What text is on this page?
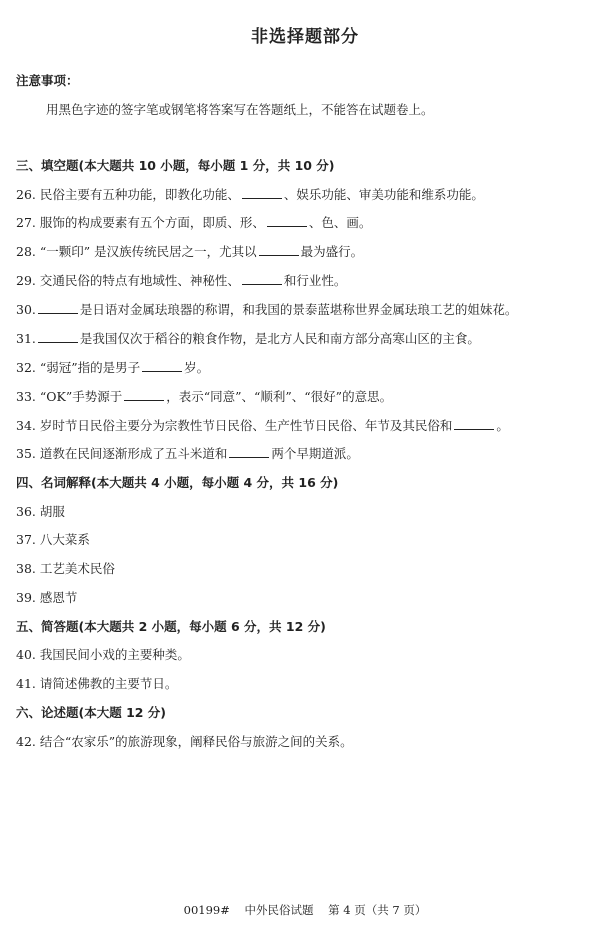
非选择题部分
注意事项：
用黑色字迹的签字笔或钢笔将答案写在答题纸上，不能答在试题卷上。
三、填空题(本大题共 10 小题，每小题 1 分，共 10 分)
26. 民俗主要有五种功能，即教化功能、	、娱乐功能、审美功能和维系功能。
27. 服饰的构成要素有五个方面，即质、形、	、色、画。
28. “一颗印” 是汉族传统民居之一，尤其以	最为盛行。
29. 交通民俗的特点有地域性、神秘性、	和行业性。
30.	是日语对金属珐琅器的称谓，和我国的景泰蓝堪称世界金属珐琅工艺的姐妹花。
31.	是我国仅次于稻谷的粮食作物，是北方人民和南方部分高寒山区的主食。
32. “弱冠”指的是男子	岁。
33. “OK”手势源于	，表示“同意”、“顺利”、“很好”的意思。
34. 岁时节日民俗主要分为宗教性节日民俗、生产性节日民俗、年节及其民俗和	。
35. 道教在民间逐渐形成了五斗米道和	两个早期道派。
四、名词解释(本大题共 4 小题，每小题 4 分，共 16 分)
36. 胡服
37. 八大菜系
38. 工艺美术民俗
39. 感恩节
五、简答题(本大题共 2 小题，每小题 6 分，共 12 分)
40. 我国民间小戏的主要种类。
41. 请简述佛教的主要节日。
六、论述题(本大题 12 分)
42. 结合“农家乐”的旅游现象，阐释民俗与旅游之间的关系。
00199#    中外民俗试题    第 4 页（共 7 页）
